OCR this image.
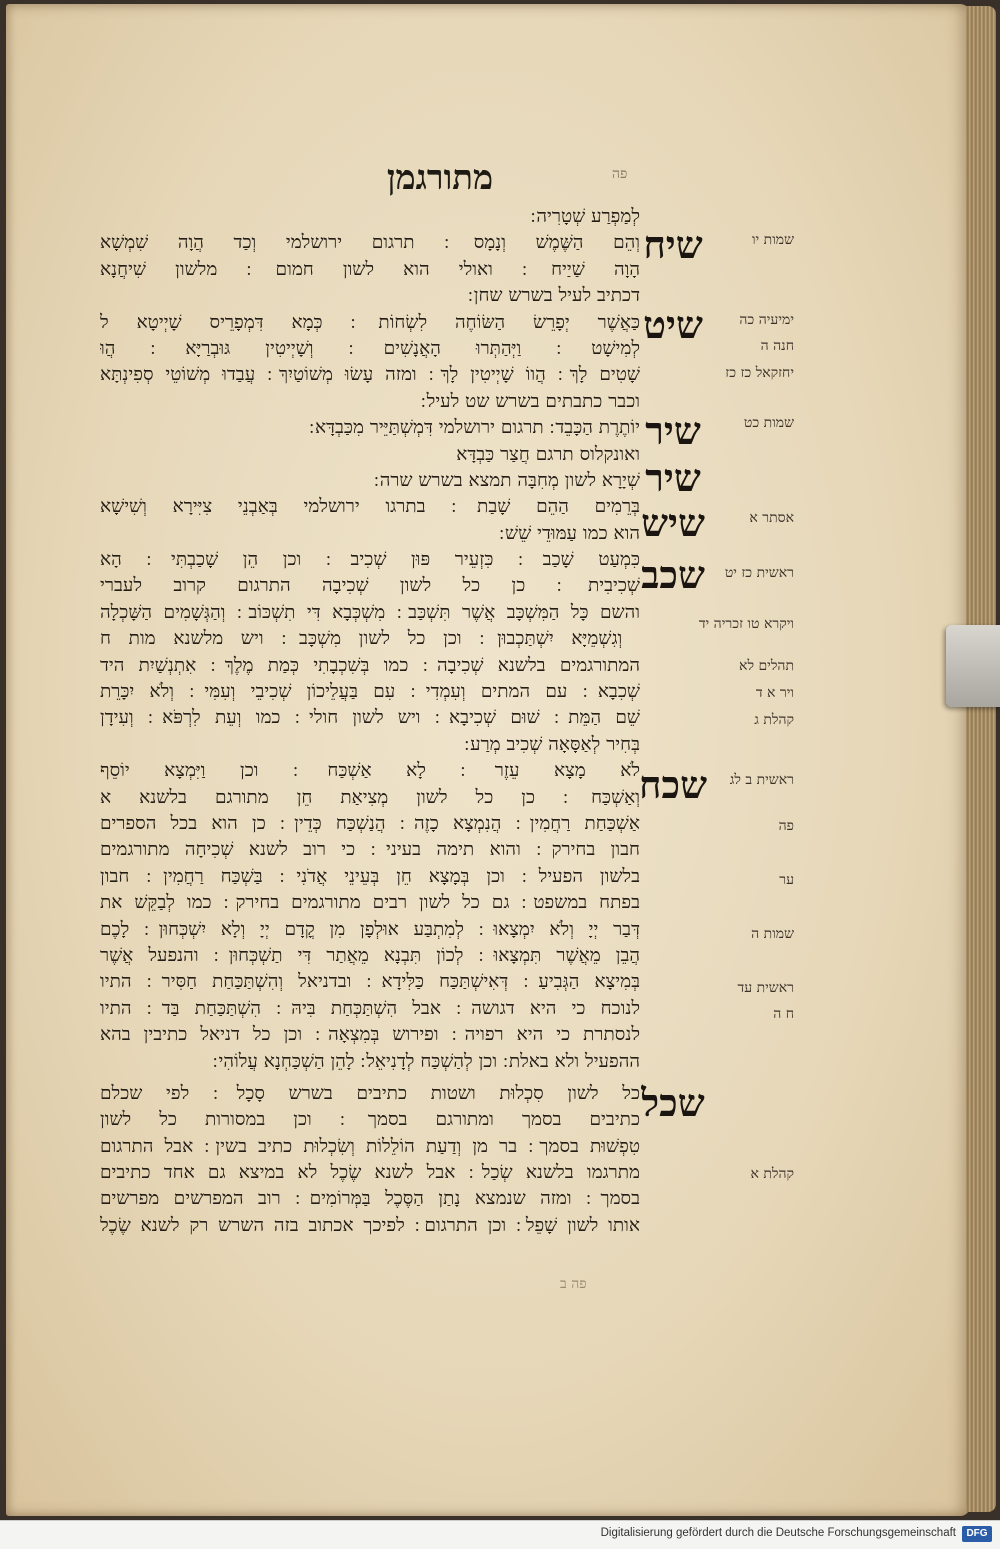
מתורגמן	פה
שיח
שיט
שיר
שיר
שיש
שכב
שכח
שכל
שמות יו
ימיעיה כה
חנה ה
יחזקאל כז כז
שמות כט
אסתר א
ראשית כז יט
ויקרא טו זכריה יד
תהלים לא
ויר א ד
קהלת ג
ראשית ב לג
פה
ער
שמות ה
ראשית עד
ח ה
קהלת א
לְמַפְרַע שְׁטָרִיה ׃
וְהֵם הַשֶּׁמֶשׁ וְנָמָס ׃ תרגום ירושלמי וְכַד הֲוָה שִׁמְשָׁא
הָוָה שַׁיַיח ׃ ואולי הוא לשון חמום ׃ מלשון שִׁיחֲנָא
דכתיב לעיל בשרש שחן ׃
כַּאֲשֶׁר יְפָרֵשׂ הַשּׂוֹחֶה לִשְׂחוֹת ׃ כְּמָא דִּמְפָרֵיס שָׁיְיטָא ל
לְמִישָׁט ׃ וַיְּהַתְּרוּ הָאֲנָשִׁים ׃ וְשָׁיְיטִין גּוּבְרַיָּא ׃ הֲוּ
שָׁטִים לָךְ ׃ הֲווֹ שָׁיְיטִין לָךְ ׃ ומזה עָשׂוּ מְשׁוֹטַיִךְ ׃ עֲבַדוּ מְשׁוֹטֵי סְפִינְתָּא
וכבר כתבתים בשרש שט לעיל ׃
יוֹתֶרֶת הַכָּבֵד ׃ תרגום ירושלמי דִּמְשְׁתַּיֵּיר מִכַּבְדָּא ׃
ואונקלוס תרגם חֲצַר כַּבְדָּא
שְׁיָרָא לשון מְחִבָּה תמצא בשרש שרה ׃
בְּרֵמִים הַהֵם שָׁבַת ׃ בתרגו ירושלמי בְּאַבְנֵי צִיִּירָא וְשִׁישָׁא
הוא כמו עַמּוּדֵי שֵׁשׁ ׃
כִּמְעַט שָׁכַב ׃ כִּזְעֵיר פּוּן שְׁכִיב ׃ וכן הֵן שָׁכַבְתִּי ׃ הָא
שְׁכִיבִית ׃ כן כל לשון שְׁכִיבָה התרגום קרוב לעברי
והשם כָּל הַמִּשְׁכָּב אֲשֶׁר תִּשְׁכַּב ׃ מִשְׁכְּבָא דִּי תִשְׁכּוֹב ׃ וְהַגְּשָׁמִים הַשָּׁכְלָה
׃ וְגִשְׁמֵיָּא יִשְׁתַּכְבוּן ׃ וכן כל לשון מִשְׁכָּב ׃ ויש מלשנא מות ח
המתורגמים בלשנא שְׁכִיבָה ׃ כמו בְּשִׁכְבָתִי כְּמַת מֶלֶךְ ׃ אִתְנְשַׁיִת היד
שְׁכִבָא ׃ עם המתים וְעִמְדִי ׃ עִם בַּעֲלֵיכוֹן שְׁכִיבֵי וְעִמִּי ׃ וְלֹא יִכָּרֵת
שֵׁם הַמֵּת ׃ שׁוּם שְׁכִיבָא ׃ ויש לשון חולי ׃ כמו וְעֵת לִרְפֹּא ׃ וְעִידָן
בְּחִיר לְאַסָּאָה שְׁכִיב מְרַע ׃
לֹא מָצָא עֵזֶר ׃ לָא אַשְׁכַּח ׃ וכן וַיִּמְצָא יוֹסֵף
וְאַשְׁכַּח ׃ כן כל לשון מְצִיאַת חֵן מתורגם בלשנא א
אַשְׁכַּחַת רַחֲמִין ׃ הֲנִמְצָא כָזֶה ׃ הֲנַשְׁכַּח כְּדֵין ׃ כן הוא בכל הספרים
חבון בחירק ׃ והוא תימה בעיני ׃ כי רוב לשנא שְׁכִיחָה מתורגמים
בלשון הפעיל ׃ וכן בְּמָצָא חֵן בְּעֵינֵי אֲדֹנִי ׃ בַּשְׁכַּח רַחֲמִין ׃ חבון
בפתח במשפט ׃ גם כל לשון רבים מתורגמים בחירק ׃ כמו לְבַקֵּשׁ את
דְּבַר יְיָ וְלֹא יִמְצָאוּ ׃ לְמִתְבַּע אוּלְפָן מִן קֳדָם יְיָ וְלָא יִשְׁכְּחוּן ׃ לָכֶם
הֲבֵן מֵאֲשֶׁר תִּמְצָאוּ ׃ לְכוֹן תִּבְנָא מֵאֲתַר דִּי תַשְׁכְּחוּן ׃ והנפעל אֲשֶׁר
בְּמִיצָא הַגְּבִיעַ ׃ דְּאִישְׁתַּכַּח כַּלִּידָא ׃ ובדניאל וְהִשְׁתַּכַּחַת חַסִּיר ׃ התיו
לנוכח כי היא דגושה ׃ אבל הִשְׁתַּכְּחַת בִּיהּ ׃ הִשְׁתַּכַּחַת בַּד ׃ התיו
לנסתרת כי היא רפויה ׃ ופירוש בְּמִצְאָה ׃ וכן כל דניאל כתיבין בהא
ההפעיל ולא באלת ׃ וכן לְהַשְׁכַּח לְדָנִיאֵל ׃ לָהֵן הַשְׁכַּחְנָא עֲלוֹהִי ׃
כל לשון סִכְלוּת ושטות כתיבים בשרש סָכָל ׃ לפי שכלם
כתיבים בסמך ומתורגם בסמך ׃ וכן במסורות כל לשון
טִפְשׁוּת בסמך ׃ בר מן וְדַעַת הוֹלֵלוֹת וְשִׂכְלוּת כתיב בשין ׃ אבל התרגום
מתרגמו בלשנא שְׂכַל ׃ אבל לשנא שֶׂכֶל לא במיצא גם אחד כתיבים
בסמך ׃ ומזה שנמצא נָתַן הַסֶּכֶל בַּמְּרוֹמִים ׃ רוב המפרשים מפרשים
אותו לשון שָׁפֵל ׃ וכן התרגום ׃ לפיכך אכתוב בזה השרש רק לשנא שֶׂכֶל
פה ב
Digitalisierung gefördert durch die Deutsche Forschungsgemeinschaft	DFG
